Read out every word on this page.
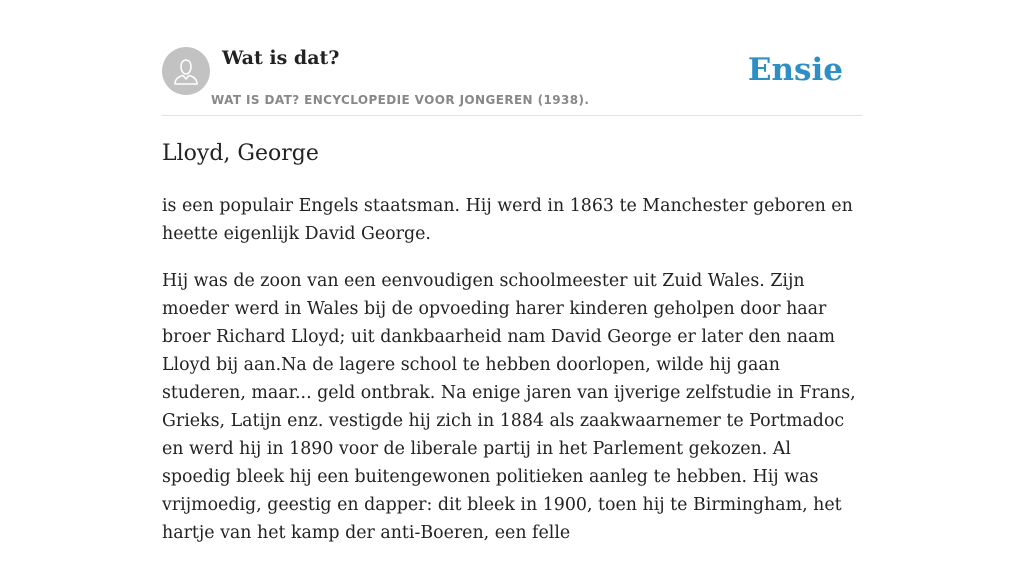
Wat is dat?
WAT IS DAT? ENCYCLOPEDIE VOOR JONGEREN (1938).
Ensie
Lloyd, George

is een populair Engels staatsman. Hij werd in 1863 te Manchester geboren en heette eigenlijk David George.

Hij was de zoon van een eenvoudigen schoolmeester uit Zuid Wales. Zijn moeder werd in Wales bij de opvoeding harer kinderen geholpen door haar broer Richard Lloyd; uit dankbaarheid nam David George er later den naam Lloyd bij aan.Na de lagere school te hebben doorlopen, wilde hij gaan studeren, maar... geld ontbrak. Na enige jaren van ijverige zelfstudie in Frans, Grieks, Latijn enz. vestigde hij zich in 1884 als zaakwaarnemer te Portmadoc en werd hij in 1890 voor de liberale partij in het Parlement gekozen. Al spoedig bleek hij een buitengewonen politieken aanleg te hebben. Hij was vrijmoedig, geestig en dapper: dit bleek in 1900, toen hij te Birmingham, het hartje van het kamp der anti-Boeren, een felle
